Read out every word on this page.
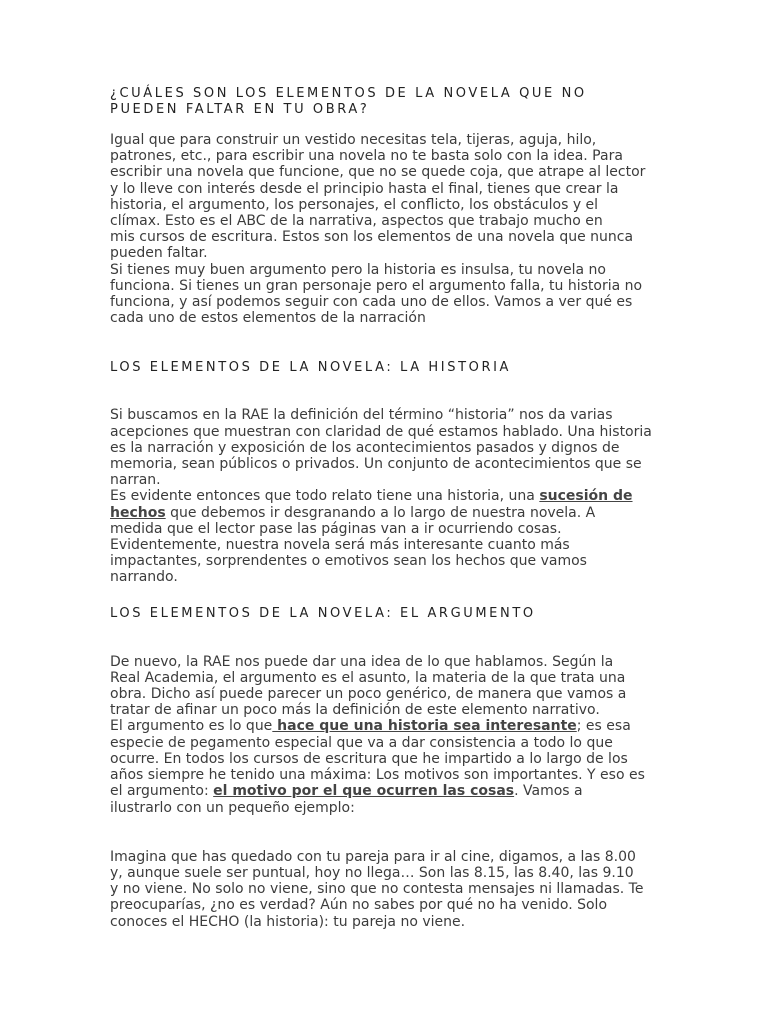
¿CUÁLES SON LOS ELEMENTOS DE LA NOVELA QUE NO
PUEDEN FALTAR EN TU OBRA?

Igual que para construir un vestido necesitas tela, tijeras, aguja, hilo,
patrones, etc., para escribir una novela no te basta solo con la idea. Para
escribir una novela que funcione, que no se quede coja, que atrape al lector
y lo lleve con interés desde el principio hasta el final, tienes que crear la
historia, el argumento, los personajes, el conflicto, los obstáculos y el
clímax. Esto es el ABC de la narrativa, aspectos que trabajo mucho en
mis cursos de escritura. Estos son los elementos de una novela que nunca
pueden faltar.
Si tienes muy buen argumento pero la historia es insulsa, tu novela no
funciona. Si tienes un gran personaje pero el argumento falla, tu historia no
funciona, y así podemos seguir con cada uno de ellos. Vamos a ver qué es
cada uno de estos elementos de la narración

LOS ELEMENTOS DE LA NOVELA: LA HISTORIA

Si buscamos en la RAE la definición del término “historia” nos da varias
acepciones que muestran con claridad de qué estamos hablado. Una historia
es la narración y exposición de los acontecimientos pasados y dignos de
memoria, sean públicos o privados. Un conjunto de acontecimientos que se
narran.
Es evidente entonces que todo relato tiene una historia, una sucesión de
hechos que debemos ir desgranando a lo largo de nuestra novela. A
medida que el lector pase las páginas van a ir ocurriendo cosas.
Evidentemente, nuestra novela será más interesante cuanto más
impactantes, sorprendentes o emotivos sean los hechos que vamos
narrando.

LOS ELEMENTOS DE LA NOVELA: EL ARGUMENTO

De nuevo, la RAE nos puede dar una idea de lo que hablamos. Según la
Real Academia, el argumento es el asunto, la materia de la que trata una
obra. Dicho así puede parecer un poco genérico, de manera que vamos a
tratar de afinar un poco más la definición de este elemento narrativo.
El argumento es lo que hace que una historia sea interesante; es esa
especie de pegamento especial que va a dar consistencia a todo lo que
ocurre. En todos los cursos de escritura que he impartido a lo largo de los
años siempre he tenido una máxima: Los motivos son importantes. Y eso es
el argumento: el motivo por el que ocurren las cosas. Vamos a
ilustrarlo con un pequeño ejemplo:

Imagina que has quedado con tu pareja para ir al cine, digamos, a las 8.00
y, aunque suele ser puntual, hoy no llega… Son las 8.15, las 8.40, las 9.10
y no viene. No solo no viene, sino que no contesta mensajes ni llamadas. Te
preocuparías, ¿no es verdad? Aún no sabes por qué no ha venido. Solo
conoces el HECHO (la historia): tu pareja no viene.
